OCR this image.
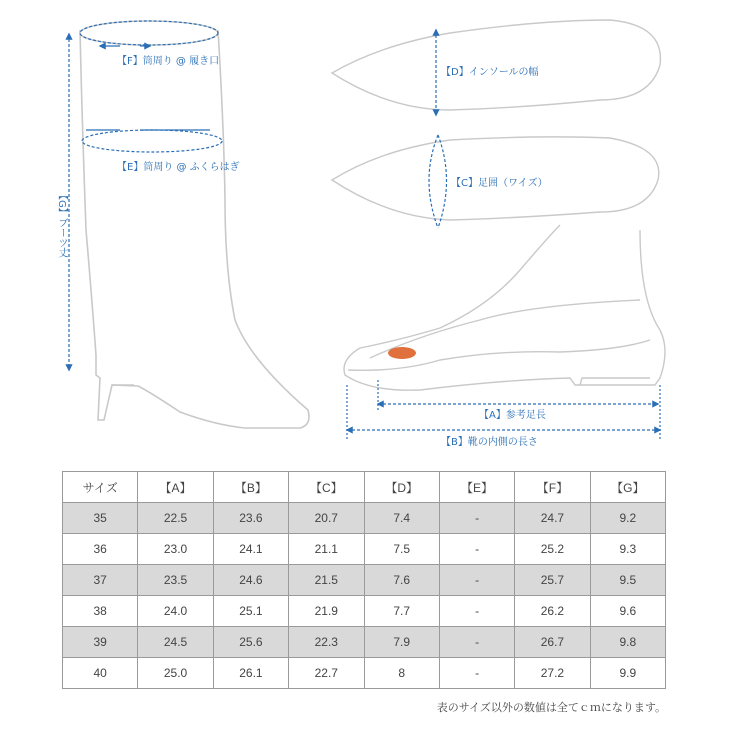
【F】筒周り @ 履き口
【E】筒周り @ ふくらはぎ
【G】ブーツ丈
【D】インソールの幅
【C】足囲（ワイズ）
【A】参考足長
【B】靴の内側の長さ
サイズ	【A】	【B】	【C】	【D】	【E】	【F】	【G】
35	22.5	23.6	20.7	7.4	-	24.7	9.2
36	23.0	24.1	21.1	7.5	-	25.2	9.3
37	23.5	24.6	21.5	7.6	-	25.7	9.5
38	24.0	25.1	21.9	7.7	-	26.2	9.6
39	24.5	25.6	22.3	7.9	-	26.7	9.8
40	25.0	26.1	22.7	8	-	27.2	9.9
表のサイズ以外の数値は全てｃｍになります。
